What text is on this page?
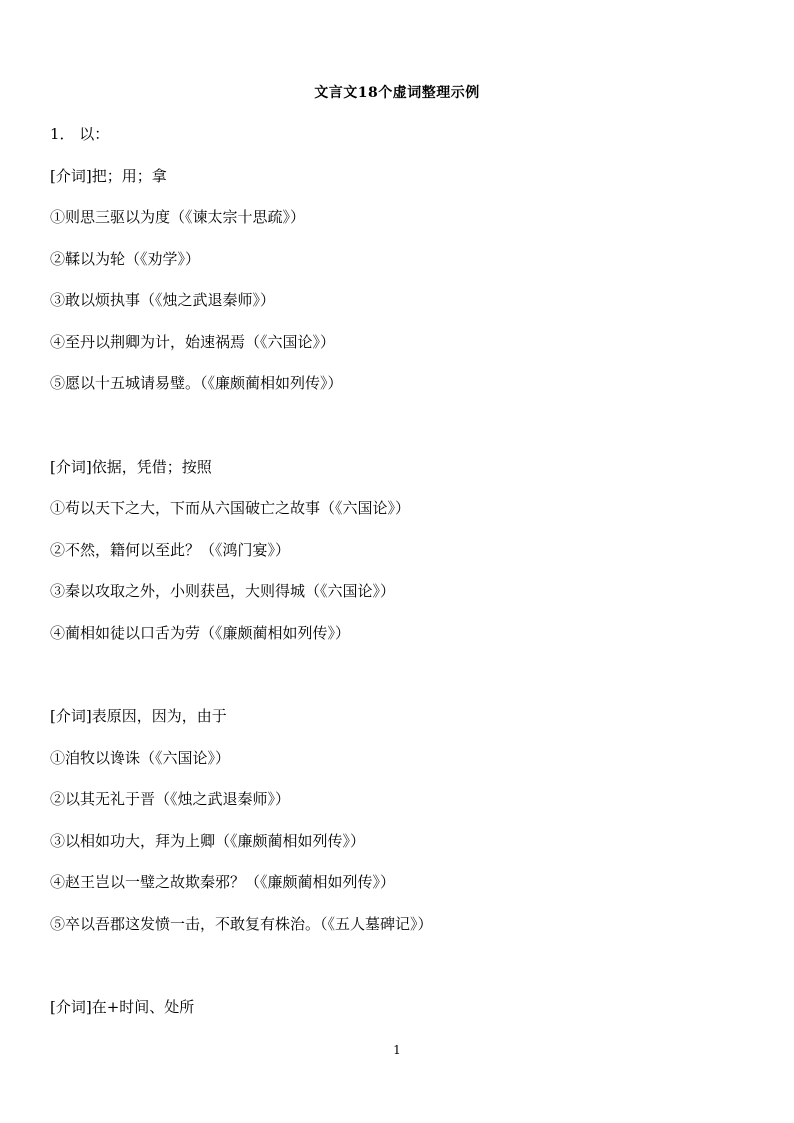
文言文18个虚词整理示例
1． 以：
[介词]把；用；拿
①则思三驱以为度（《谏太宗十思疏》）
②鞣以为轮（《劝学》）
③敢以烦执事（《烛之武退秦师》）
④至丹以荆卿为计，始速祸焉（《六国论》）
⑤愿以十五城请易璧。（《廉颇蔺相如列传》）
[介词]依据，凭借；按照
①苟以天下之大，下而从六国破亡之故事（《六国论》）
②不然，籍何以至此？（《鸿门宴》）
③秦以攻取之外，小则获邑，大则得城（《六国论》）
④蔺相如徒以口舌为劳（《廉颇蔺相如列传》）
[介词]表原因，因为，由于
①洎牧以谗诛（《六国论》）
②以其无礼于晋（《烛之武退秦师》）
③以相如功大，拜为上卿（《廉颇蔺相如列传》）
④赵王岂以一璧之故欺秦邪？（《廉颇蔺相如列传》）
⑤卒以吾郡这发愤一击，不敢复有株治。（《五人墓碑记》）
[介词]在+时间、处所
1
